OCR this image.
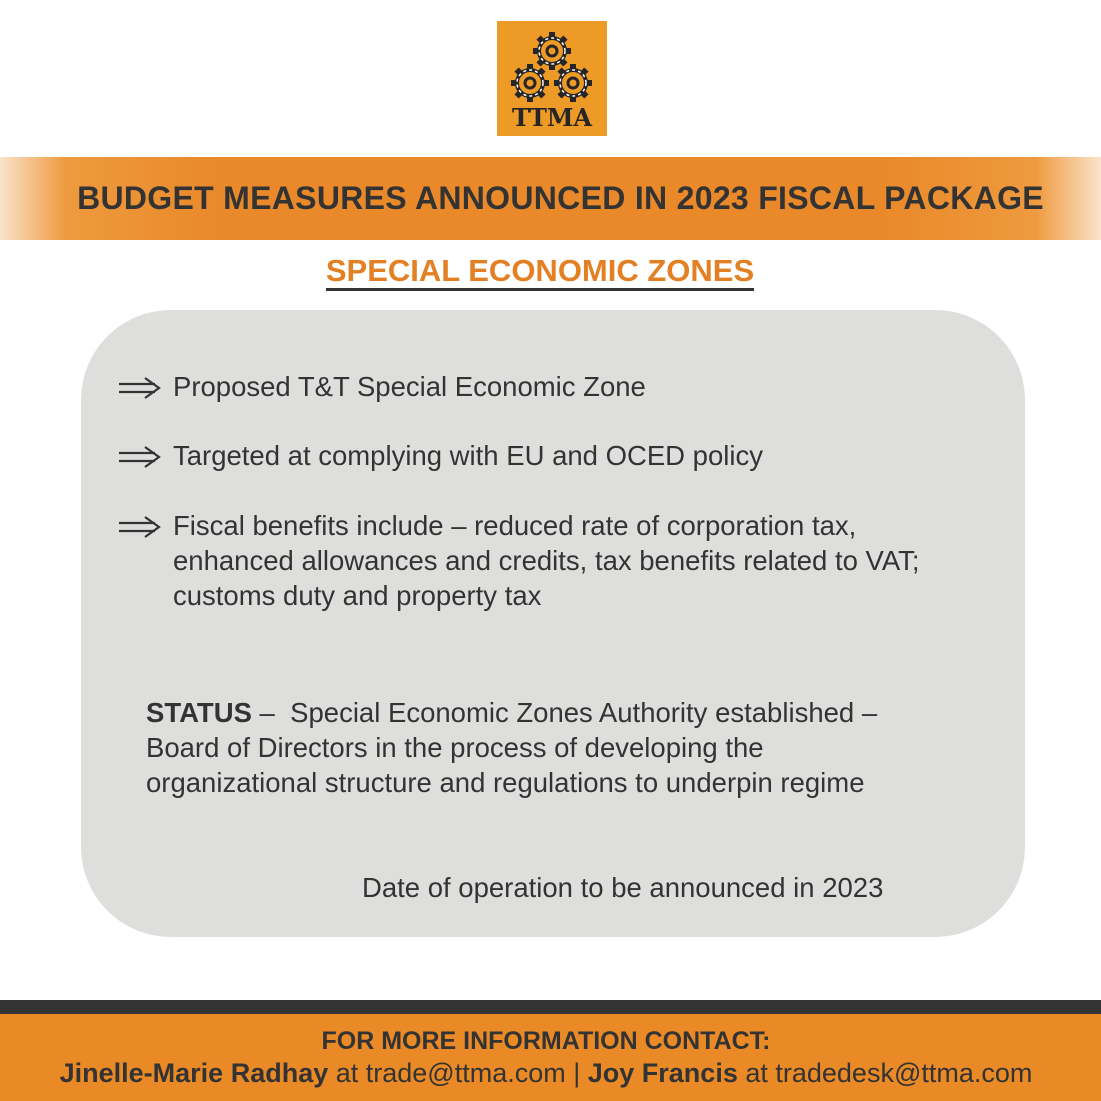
TTMA
BUDGET MEASURES ANNOUNCED IN 2023 FISCAL PACKAGE
SPECIAL ECONOMIC ZONES
Proposed T&T Special Economic Zone
Targeted at complying with EU and OCED policy
Fiscal benefits include – reduced rate of corporation tax,
enhanced allowances and credits, tax benefits related to VAT;
customs duty and property tax
STATUS –  Special Economic Zones Authority established –
Board of Directors in the process of developing the
organizational structure and regulations to underpin regime
Date of operation to be announced in 2023
FOR MORE INFORMATION CONTACT:
Jinelle-Marie Radhay at trade@ttma.com | Joy Francis at tradedesk@ttma.com
